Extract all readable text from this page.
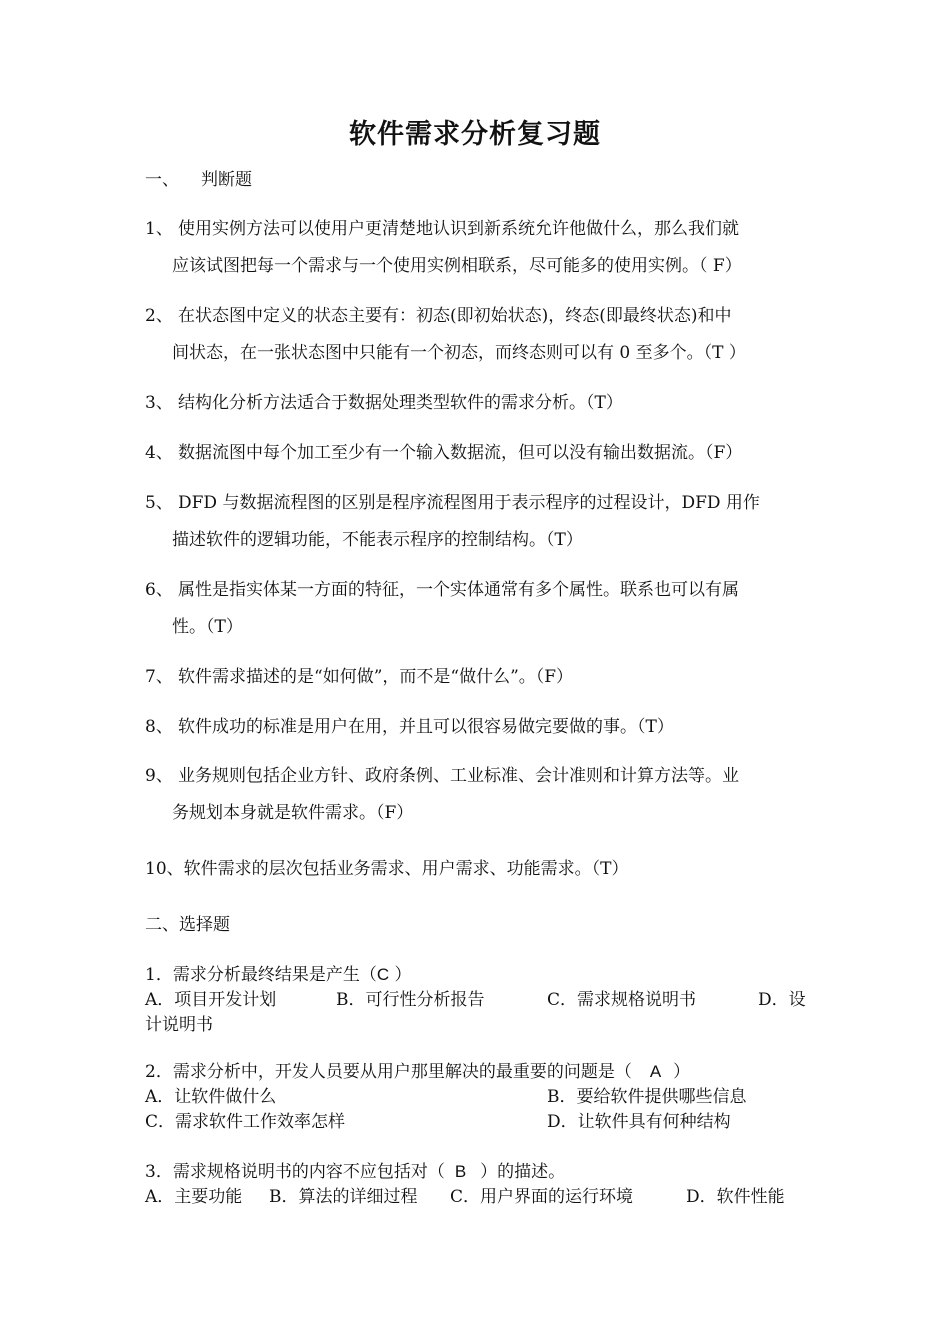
软件需求分析复习题
一、 判断题
1、 使用实例方法可以使用户更清楚地认识到新系统允许他做什么，那么我们就
应该试图把每一个需求与一个使用实例相联系，尽可能多的使用实例。（ F）
2、 在状态图中定义的状态主要有：初态(即初始状态)，终态(即最终状态)和中
间状态，在一张状态图中只能有一个初态，而终态则可以有 0 至多个。（T ）
3、 结构化分析方法适合于数据处理类型软件的需求分析。（T）
4、 数据流图中每个加工至少有一个输入数据流，但可以没有输出数据流。（F）
5、 DFD 与数据流程图的区别是程序流程图用于表示程序的过程设计，DFD 用作
描述软件的逻辑功能，不能表示程序的控制结构。（T）
6、 属性是指实体某一方面的特征，一个实体通常有多个属性。联系也可以有属
性。（T）
7、 软件需求描述的是“如何做”，而不是“做什么”。（F）
8、 软件成功的标准是用户在用，并且可以很容易做完要做的事。（T）
9、 业务规则包括企业方针、政府条例、工业标准、会计准则和计算方法等。业
务规划本身就是软件需求。（F）
10、软件需求的层次包括业务需求、用户需求、功能需求。（T）
二、选择题
1．需求分析最终结果是产生（C ）
A．项目开发计划	B．可行性分析报告	C．需求规格说明书	D．设
计说明书
2．需求分析中，开发人员要从用户那里解决的最重要的问题是（ A ）
A．让软件做什么	B．要给软件提供哪些信息
C．需求软件工作效率怎样	D．让软件具有何种结构
3．需求规格说明书的内容不应包括对（ B ）的描述。
A．主要功能 B．算法的详细过程 C．用户界面的运行环境	D．软件性能
